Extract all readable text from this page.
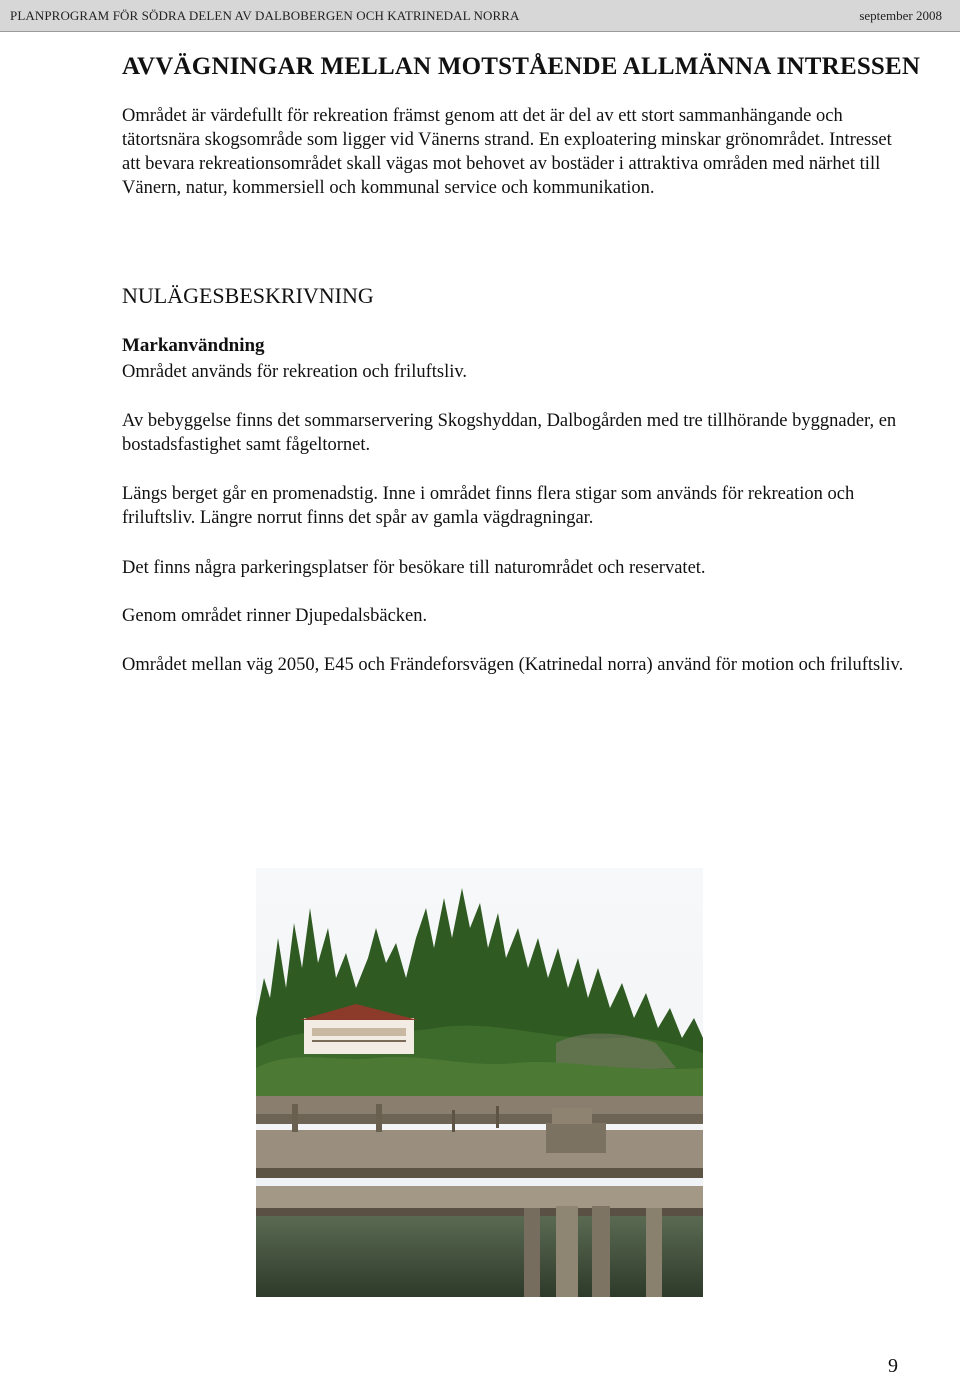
PLANPROGRAM FÖR SÖDRA DELEN AV DALBOBERGEN OCH KATRINEDAL NORRA	september 2008
AVVÄGNINGAR MELLAN MOTSTÅENDE ALLMÄNNA INTRESSEN

Området är värdefullt för rekreation främst genom att det är del av ett stort sammanhängande och tätortsnära skogsområde som ligger vid Vänerns strand. En exploatering minskar grönområdet. Intresset att bevara rekreationsområdet skall vägas mot behovet av bostäder i attraktiva områden med närhet till Vänern, natur, kommersiell och kommunal service och kommunikation.

NULÄGESBESKRIVNING
Markanvändning

Området används för rekreation och friluftsliv.

Av bebyggelse finns det sommarservering Skogshyddan, Dalbogården med tre tillhörande byggnader, en bostadsfastighet samt fågeltornet.

Längs berget går en promenadstig. Inne i området finns flera stigar som används för rekreation och friluftsliv. Längre norrut finns det spår av gamla vägdragningar.

Det finns några parkeringsplatser för besökare till naturområdet och reservatet.

Genom området rinner Djupedalsbäcken.

Området mellan väg 2050, E45 och Frändeforsvägen (Katrinedal norra) använd för motion och friluftsliv.

9
